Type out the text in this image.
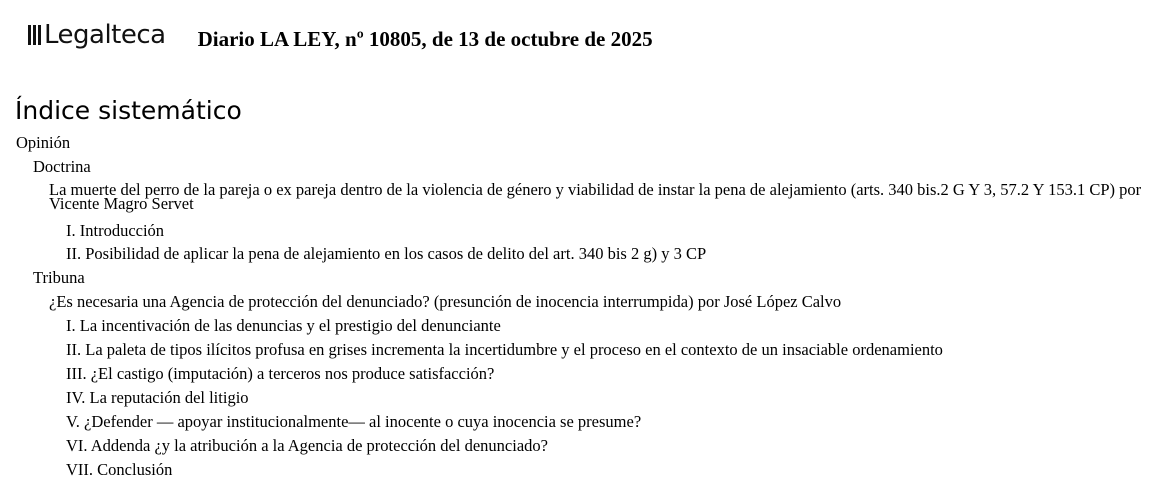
Legalteca Diario LA LEY, nº 10805, de 13 de octubre de 2025
Índice sistemático
Opinión
Doctrina
La muerte del perro de la pareja o ex pareja dentro de la violencia de género y viabilidad de instar la pena de alejamiento (arts. 340 bis.2 G Y 3, 57.2 Y 153.1 CP) por Vicente Magro Servet
I. Introducción
II. Posibilidad de aplicar la pena de alejamiento en los casos de delito del art. 340 bis 2 g) y 3 CP
Tribuna
¿Es necesaria una Agencia de protección del denunciado? (presunción de inocencia interrumpida) por José López Calvo
I. La incentivación de las denuncias y el prestigio del denunciante
II. La paleta de tipos ilícitos profusa en grises incrementa la incertidumbre y el proceso en el contexto de un insaciable ordenamiento
III. ¿El castigo (imputación) a terceros nos produce satisfacción?
IV. La reputación del litigio
V. ¿Defender — apoyar institucionalmente— al inocente o cuya inocencia se presume?
VI. Addenda ¿y la atribución a la Agencia de protección del denunciado?
VII. Conclusión
